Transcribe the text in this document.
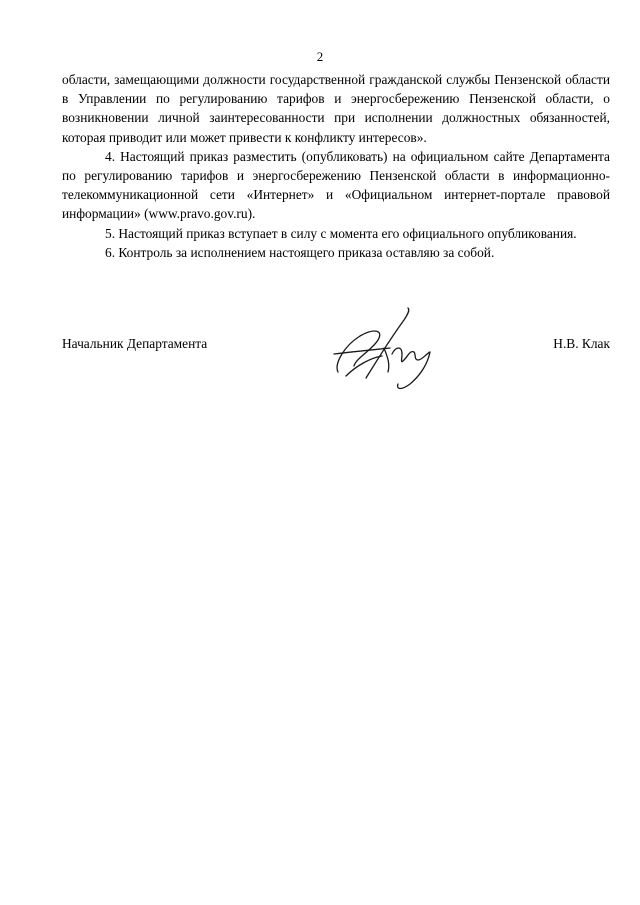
2

области, замещающими должности государственной гражданской службы Пензенской области в Управлении по регулированию тарифов и энергосбережению Пензенской области, о возникновении личной заинтересованности при исполнении должностных обязанностей, которая приводит или может привести к конфликту интересов».

4. Настоящий приказ разместить (опубликовать) на официальном сайте Департамента по регулированию тарифов и энергосбережению Пензенской области в информационно-телекоммуникационной сети «Интернет» и «Официальном интернет-портале правовой информации» (www.pravo.gov.ru).

5. Настоящий приказ вступает в силу с момента его официального опубликования.

6. Контроль за исполнением настоящего приказа оставляю за собой.

Начальник Департамента	Н.В. Клак
